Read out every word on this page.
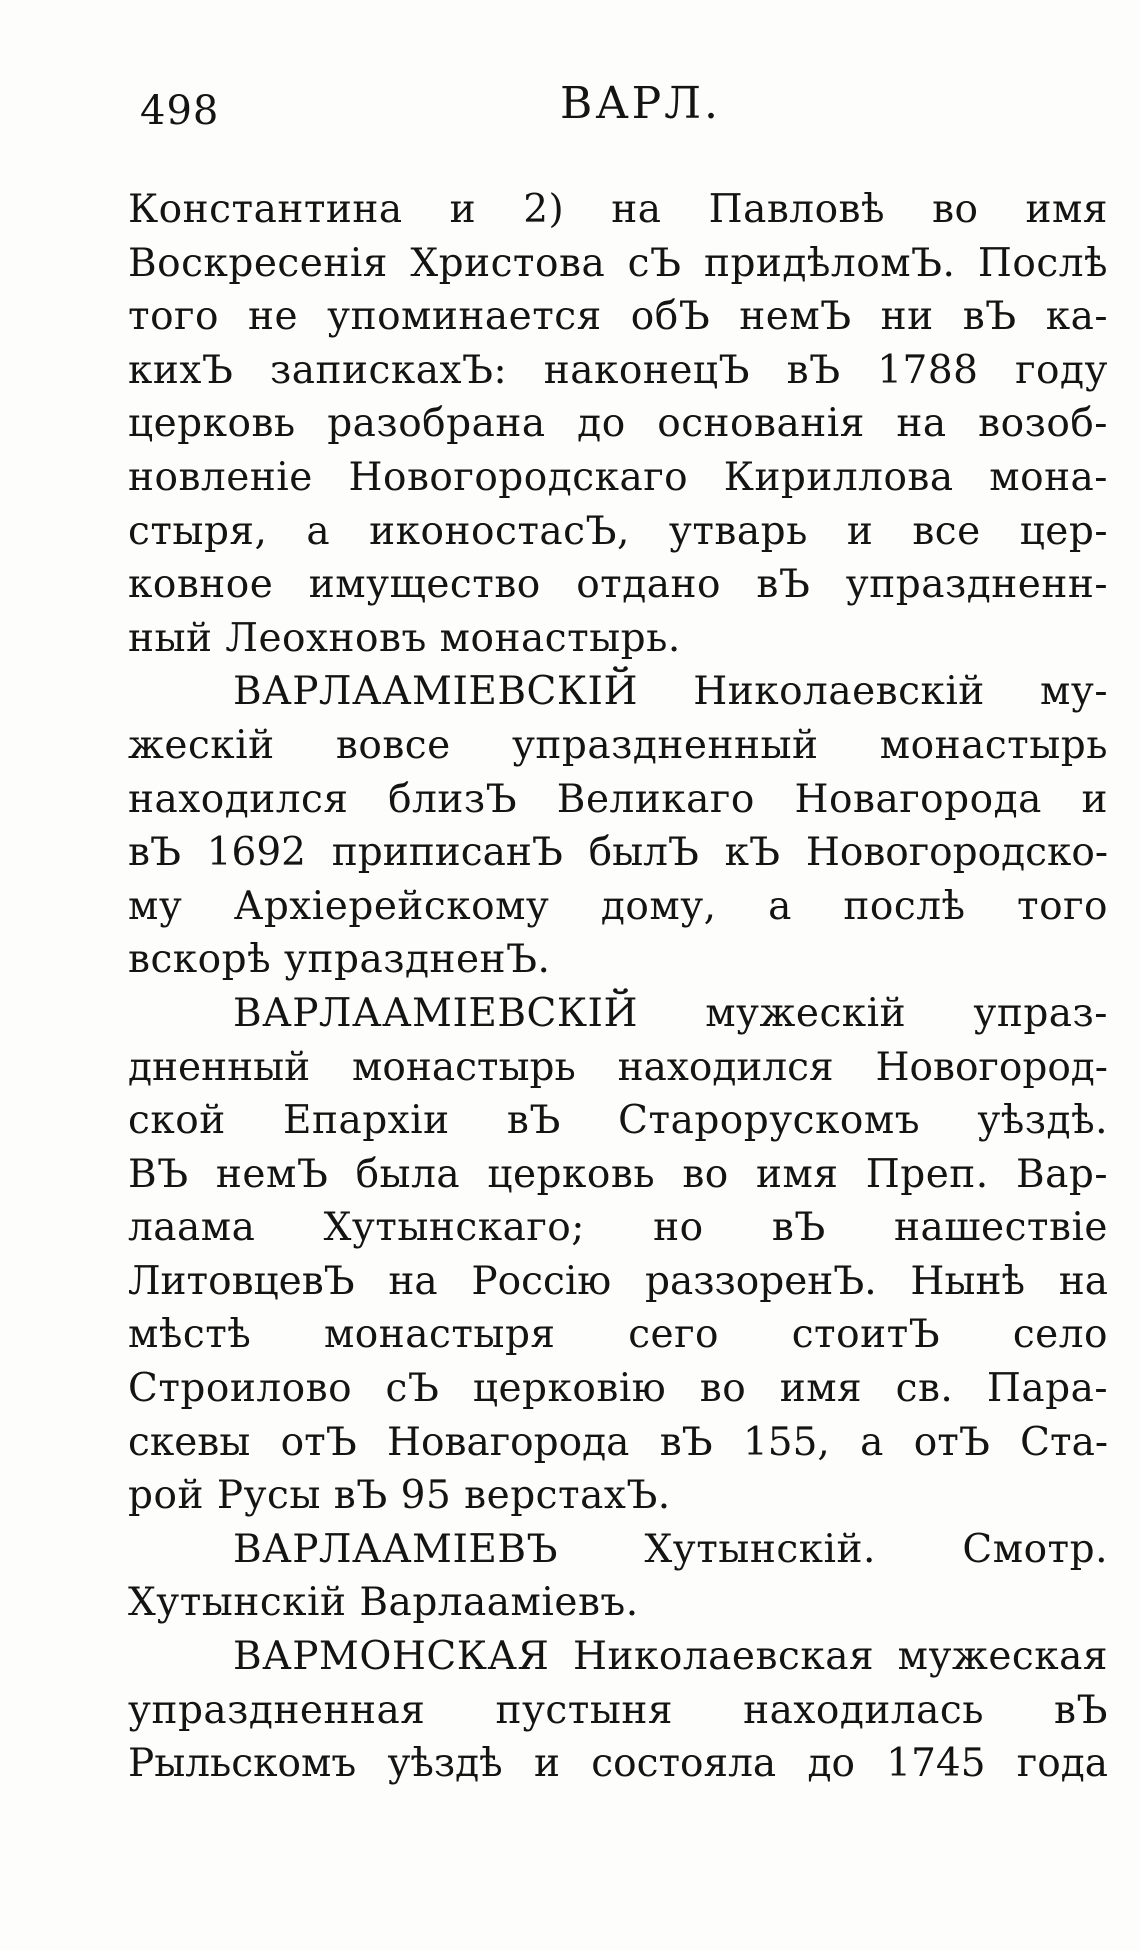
498	ВАРЛ.
Константина и 2) на Павловѣ во имя
Воскресенія Христова сЪ придѣломЪ. Послѣ
того не упоминается обЪ немЪ ни вЪ ка-
кихЪ запискахЪ: наконецЪ вЪ 1788 году
церковь разобрана до основанія на возоб-
новленіе Новогородскаго Кириллова мона-
стыря, а иконостасЪ, утварь и все цер-
ковное имущество отдано вЪ упраздненн-
ный Леохновъ монастырь.
ВАРЛААМІЕВСКІЙ Николаевскій му-
жескій вовсе упраздненный монастырь
находился близЪ Великаго Новагорода и
вЪ 1692 приписанЪ былЪ кЪ Новогородско-
му Архіерейскому дому, а послѣ того
вскорѣ упраздненЪ.
ВАРЛААМІЕВСКІЙ мужескій упраз-
дненный монастырь находился Новогород-
ской Епархіи вЪ Старорускомъ уѣздѣ.
ВЪ немЪ была церковь во имя Преп. Вар-
лаама Хутынскаго; но вЪ нашествіе
ЛитовцевЪ на Россію раззоренЪ. Нынѣ на
мѣстѣ монастыря сего стоитЪ село
Строилово сЪ церковію во имя св. Пара-
скевы отЪ Новагорода вЪ 155, а отЪ Ста-
рой Русы вЪ 95 верстахЪ.
ВАРЛААМІЕВЪ Хутынскій. Смотр.
Хутынскій Варлааміевъ.
ВАРМОНСКАЯ Николаевская мужеская
упраздненная пустыня находилась вЪ
Рыльскомъ уѣздѣ и состояла до 1745 года
